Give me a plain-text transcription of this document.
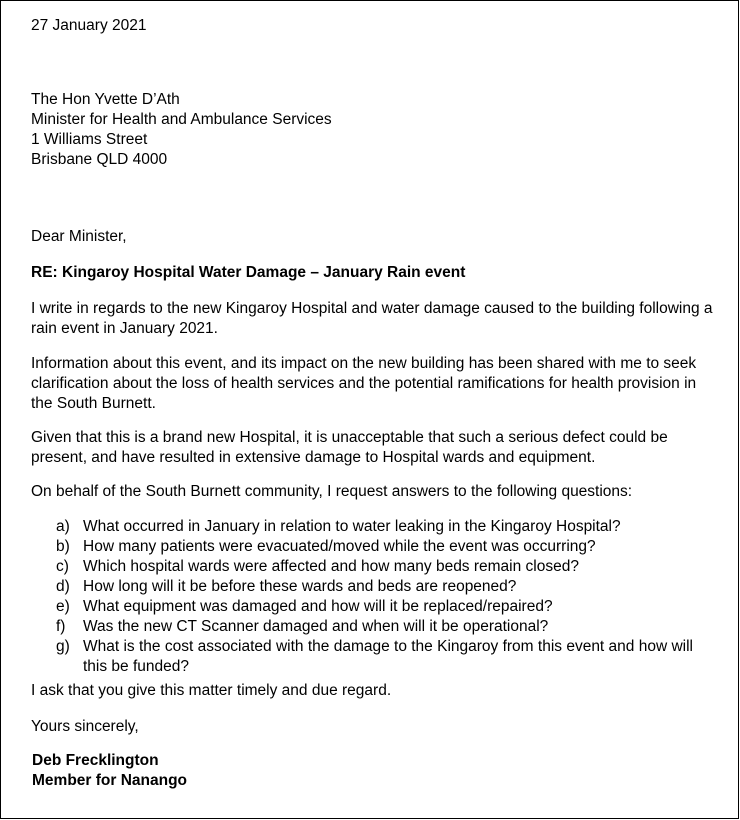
27 January 2021
The Hon Yvette D’Ath
Minister for Health and Ambulance Services
1 Williams Street
Brisbane QLD 4000
Dear Minister,
RE: Kingaroy Hospital Water Damage – January Rain event
I write in regards to the new Kingaroy Hospital and water damage caused to the building following a rain event in January 2021.
Information about this event, and its impact on the new building has been shared with me to seek clarification about the loss of health services and the potential ramifications for health provision in the South Burnett.
Given that this is a brand new Hospital, it is unacceptable that such a serious defect could be present, and have resulted in extensive damage to Hospital wards and equipment.
On behalf of the South Burnett community, I request answers to the following questions:
a) What occurred in January in relation to water leaking in the Kingaroy Hospital?
b) How many patients were evacuated/moved while the event was occurring?
c) Which hospital wards were affected and how many beds remain closed?
d) How long will it be before these wards and beds are reopened?
e) What equipment was damaged and how will it be replaced/repaired?
f) Was the new CT Scanner damaged and when will it be operational?
g) What is the cost associated with the damage to the Kingaroy from this event and how will this be funded?
I ask that you give this matter timely and due regard.
Yours sincerely,
Deb Frecklington
Member for Nanango
